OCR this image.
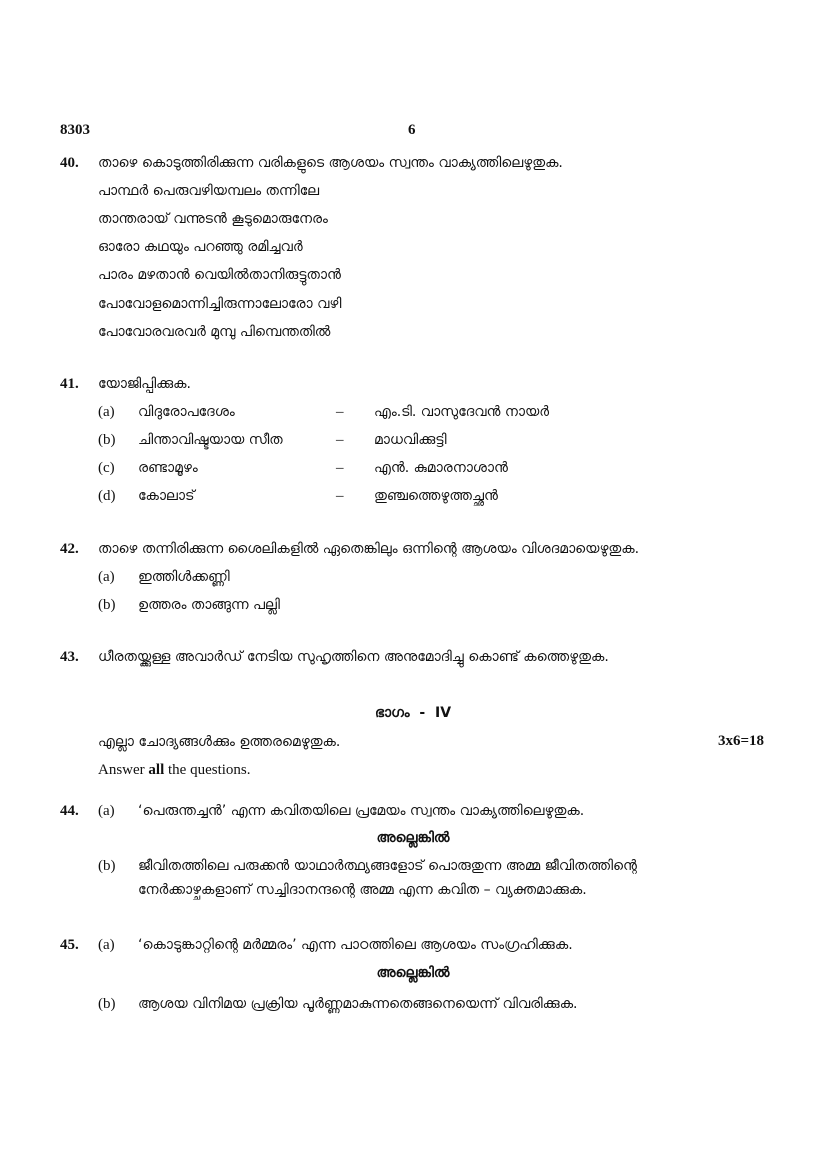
8303	6
40. താഴെ കൊടുത്തിരിക്കുന്ന വരികളുടെ ആശയം സ്വന്തം വാക്യത്തിലെഴുതുക.
പാന്ഥർ പെരുവഴിയമ്പലം തന്നിലേ
താന്തരായ് വന്നുടൻ കൂടുമൊരുനേരം
ഓരോ കഥയും പറഞ്ഞു രമിച്ചവർ
പാരം മഴതാൻ വെയിൽതാനിരുട്ടുതാൻ
പോവോളമൊന്നിച്ചിരുന്നാലോരോ വഴി
പോവോരവരവർ മുമ്പു പിമ്പെന്തതിൽ
41. യോജിപ്പിക്കുക.
(a) വിദുരോപദേശം	– എം.ടി. വാസുദേവൻ നായർ
(b) ചിന്താവിഷ്ടയായ സീത	– മാധവിക്കുട്ടി
(c) രണ്ടാമൂഴം	– എൻ. കുമാരനാശാൻ
(d) കോലാട്	– തുഞ്ചത്തെഴുത്തച്ഛൻ
42. താഴെ തന്നിരിക്കുന്ന ശൈലികളിൽ ഏതെങ്കിലും ഒന്നിന്റെ ആശയം വിശദമായെഴുതുക.
(a) ഇത്തിൾക്കണ്ണി
(b) ഉത്തരം താങ്ങുന്ന പല്ലി
43. ധീരതയ്ക്കുള്ള അവാർഡ് നേടിയ സുഹൃത്തിനെ അനുമോദിച്ചു കൊണ്ട് കത്തെഴുതുക.
ഭാഗം  -  IV
എല്ലാ ചോദ്യങ്ങൾക്കും ഉത്തരമെഴുതുക.	3x6=18
Answer all the questions.
44. (a) ‘പെരുന്തച്ചൻ’ എന്ന കവിതയിലെ പ്രമേയം സ്വന്തം വാക്യത്തിലെഴുതുക.
അല്ലെങ്കിൽ
(b) ജീവിതത്തിലെ പരുക്കൻ യാഥാർത്ഥ്യങ്ങളോട് പൊരുതുന്ന അമ്മ ജീവിതത്തിന്റെ
നേർക്കാഴ്ചകളാണ് സച്ചിദാനന്ദന്റെ അമ്മ എന്ന കവിത – വ്യക്തമാക്കുക.
45. (a) ‘കൊടുങ്കാറ്റിന്റെ മർമ്മരം’ എന്ന പാഠത്തിലെ ആശയം സംഗ്രഹിക്കുക.
അല്ലെങ്കിൽ
(b) ആശയ വിനിമയ പ്രക്രിയ പൂർണ്ണമാകുന്നതെങ്ങനെയെന്ന് വിവരിക്കുക.
